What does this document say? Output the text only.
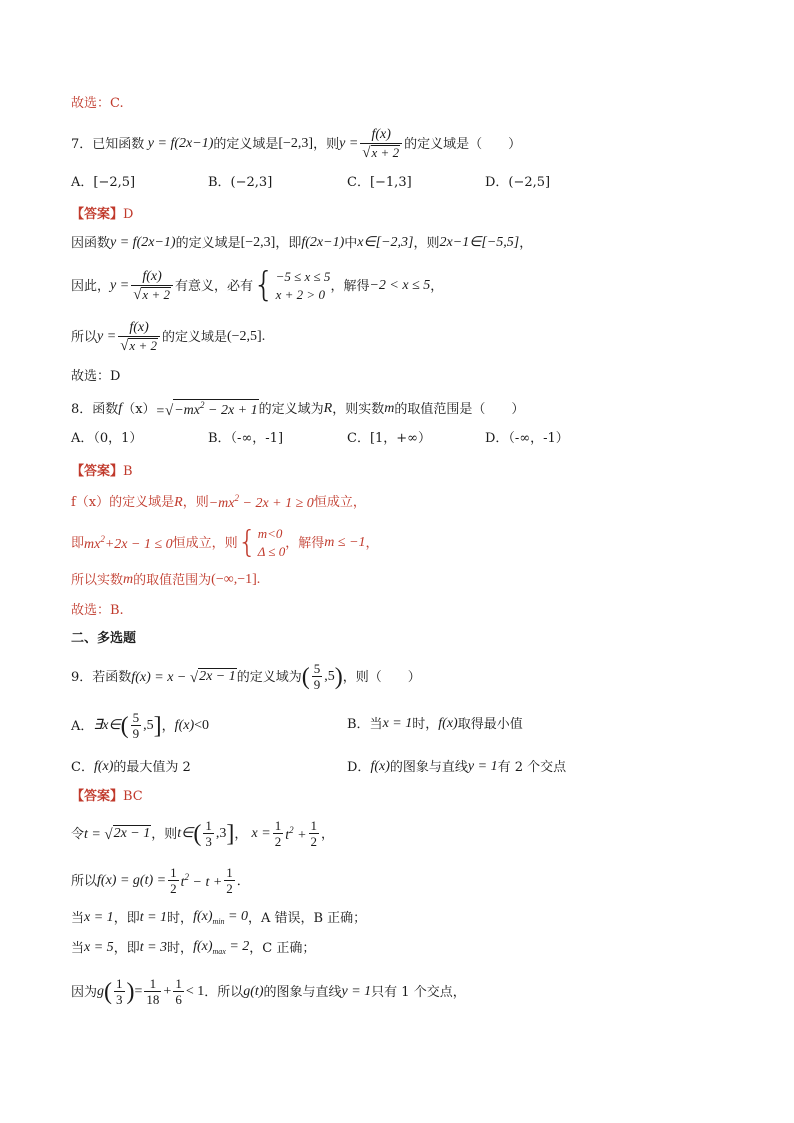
故选：C.
7． 已知函数 y = f(2x−1) 的定义域是 [−2,3] ，则 $y = \frac{f(x)}{√ x + 2}$ 的定义域是（　　）
A．[−2,5]	B．(−2,3]	C．[−1,3]	D．(−2,5]
【答案】 D
因函数 y = f(2x−1) 的定义域是 [−2,3] ，即 f(2x−1) 中 x∈[−2,3] ，则 2x−1∈[−5,5] ，
因此， $y = \frac{f(x)}{√ x + 2}$ 有意义，必有 { −5 ≤ x ≤ 5
x + 2 > 0
，解得 −2 < x ≤ 5 ，
所以 $y = \frac{f(x)}{√ x + 2}$ 的定义域是 (−2,5].
故选：D
8． 函数 f （x） = √ $-mx^2 - 2x + 1$ 的定义域为 R ，则实数 m 的取值范围是（　　）
A．（0，1）	B．（-∞，-1]	C．[1，+∞）	D．（-∞，-1）
【答案】 B
f（x）的定义域是 R ，则 $-mx^2 - 2x + 1 \ge 0$ 恒成立，
即 $mx^2+2x - 1 \le 0$ 恒成立，则 { m<0
Δ ≤ 0
，解得 m ≤ −1 ，
所以实数 m 的取值范围为 (−∞,−1].
故选：B.
二、多选题
9． 若函数 f(x) = x − √ 2x − 1 的定义域为 ( $\frac{5}{9} ,5$ ) ，则（　　）
A． ∃x∈ ( $\frac{5}{9} ,5$ ] ， f(x) <0	B．当 x = 1 时， f(x) 取得最小值
C． f(x) 的最大值为 2	D． f(x) 的图象与直线 y = 1 有 2 个交点
【答案】 BC
令 t = √ 2x − 1 ，则 t∈ ( $\frac{1}{3} ,3$ ] ， $x = \frac{1}{2} t^2 + \frac{1}{2}$ ，
所以 $f(x) = g(t) = \frac{1}{2} t^2 - t + \frac{1}{2}$ ．
当 x = 1 ，即 t = 1 时， $f(x)_{min} = 0$ ，A 错误，B 正确；
当 x = 5 ，即 t = 3 时， $f(x)_{max} = 2$ ，C 正确；
因为 g ( $\frac{1}{3}$ ) = $\frac{1}{18} + \frac{1}{6} < 1$ ．所以 g(t) 的图象与直线 y = 1 只有 1 个交点，
